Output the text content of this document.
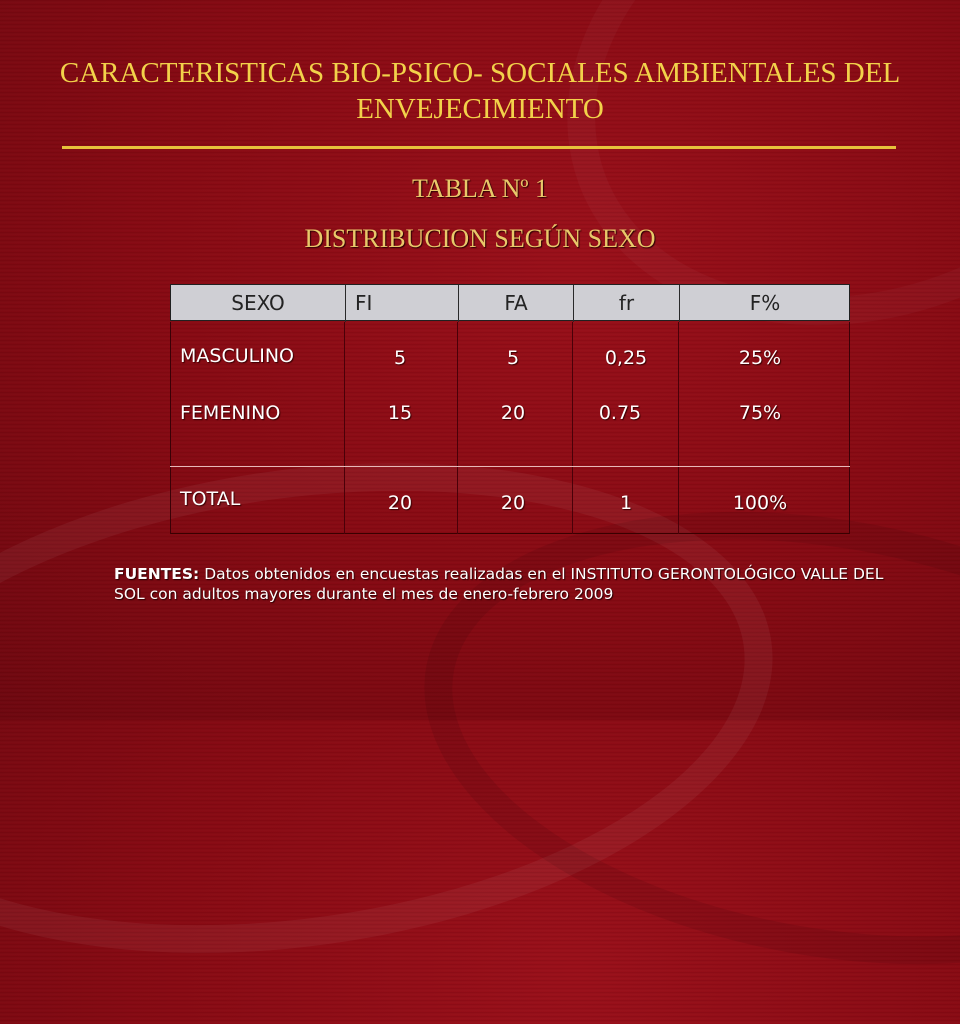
CARACTERISTICAS BIO-PSICO- SOCIALES AMBIENTALES DEL ENVEJECIMIENTO
TABLA Nº 1
DISTRIBUCION SEGÚN SEXO
SEXO	FI	FA	fr	F%
MASCULINO	5	5	0,25	25%
FEMENINO	15	20	0.75	75%
TOTAL	20	20	1	100%
FUENTES: Datos obtenidos en encuestas realizadas en el INSTITUTO GERONTOLÓGICO VALLE DEL SOL con adultos mayores durante el mes de enero-febrero 2009
